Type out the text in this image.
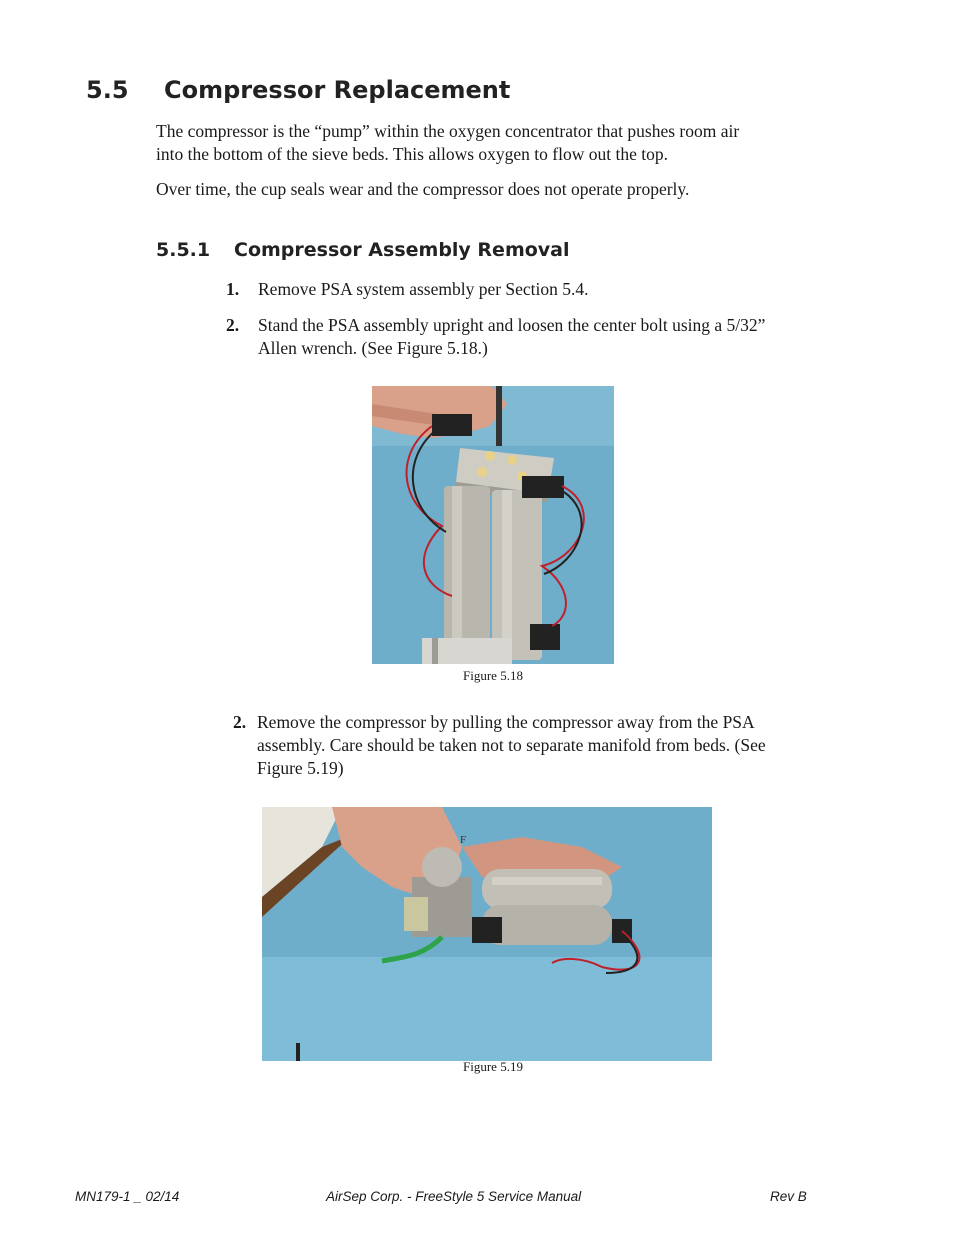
5.5 Compressor Replacement

The compressor is the “pump” within the oxygen concentrator that pushes room air into the bottom of the sieve beds. This allows oxygen to flow out the top.

Over time, the cup seals wear and the compressor does not operate properly.

5.5.1 Compressor Assembly Removal
1. Remove PSA system assembly per Section 5.4.
2. Stand the PSA assembly upright and loosen the center bolt using a 5/32” Allen wrench. (See Figure 5.18.)
Figure 5.18
2. Remove the compressor by pulling the compressor away from the PSA assembly. Care should be taken not to separate manifold from beds. (See Figure 5.19)
F
Figure 5.19
MN179-1 _ 02/14	AirSep Corp. - FreeStyle 5 Service Manual	Rev B
